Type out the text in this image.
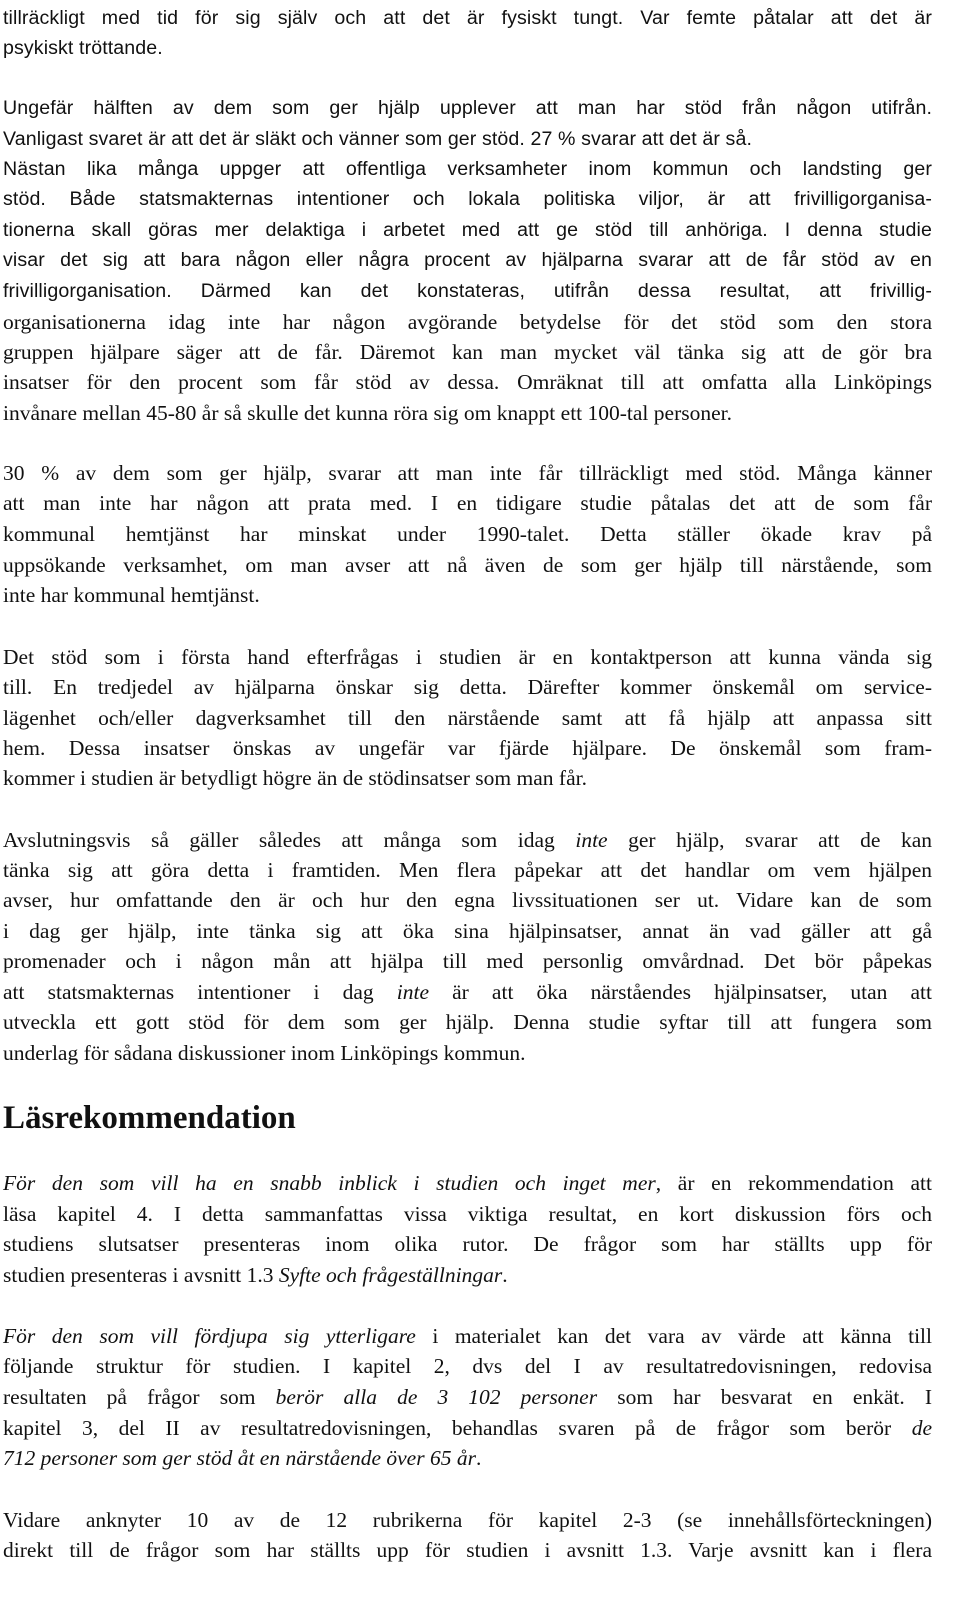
tillräckligt med tid för sig själv och att det är fysiskt tungt. Var femte påtalar att det är
psykiskt tröttande.
Ungefär hälften av dem som ger hjälp upplever att man har stöd från någon utifrån.
Vanligast svaret är att det är släkt och vänner som ger stöd. 27 % svarar att det är så.
Nästan lika många uppger att offentliga verksamheter inom kommun och landsting ger
stöd. Både statsmakternas intentioner och lokala politiska viljor, är att frivilligorganisa-
tionerna skall göras mer delaktiga i arbetet med att ge stöd till anhöriga. I denna studie
visar det sig att bara någon eller några procent av hjälparna svarar att de får stöd av en
frivilligorganisation. Därmed kan det konstateras, utifrån dessa resultat, att frivillig-
organisationerna idag inte har någon avgörande betydelse för det stöd som den stora
gruppen hjälpare säger att de får. Däremot kan man mycket väl tänka sig att de gör bra
insatser för den procent som får stöd av dessa. Omräknat till att omfatta alla Linköpings
invånare mellan 45-80 år så skulle det kunna röra sig om knappt ett 100-tal personer.
30 % av dem som ger hjälp, svarar att man inte får tillräckligt med stöd. Många känner
att man inte har någon att prata med. I en tidigare studie påtalas det att de som får
kommunal hemtjänst har minskat under 1990-talet. Detta ställer ökade krav på
uppsökande verksamhet, om man avser att nå även de som ger hjälp till närstående, som
inte har kommunal hemtjänst.
Det stöd som i första hand efterfrågas i studien är en kontaktperson att kunna vända sig
till. En tredjedel av hjälparna önskar sig detta. Därefter kommer önskemål om service-
lägenhet och/eller dagverksamhet till den närstående samt att få hjälp att anpassa sitt
hem. Dessa insatser önskas av ungefär var fjärde hjälpare. De önskemål som fram-
kommer i studien är betydligt högre än de stödinsatser som man får.
Avslutningsvis så gäller således att många som idag inte ger hjälp, svarar att de kan
tänka sig att göra detta i framtiden. Men flera påpekar att det handlar om vem hjälpen
avser, hur omfattande den är och hur den egna livssituationen ser ut. Vidare kan de som
i dag ger hjälp, inte tänka sig att öka sina hjälpinsatser, annat än vad gäller att gå
promenader och i någon mån att hjälpa till med personlig omvårdnad. Det bör påpekas
att statsmakternas intentioner i dag inte är att öka närståendes hjälpinsatser, utan att
utveckla ett gott stöd för dem som ger hjälp. Denna studie syftar till att fungera som
underlag för sådana diskussioner inom Linköpings kommun.
Läsrekommendation
För den som vill ha en snabb inblick i studien och inget mer, är en rekommendation att
läsa kapitel 4. I detta sammanfattas vissa viktiga resultat, en kort diskussion förs och
studiens slutsatser presenteras inom olika rutor. De frågor som har ställts upp för
studien presenteras i avsnitt 1.3 Syfte och frågeställningar.
För den som vill fördjupa sig ytterligare i materialet kan det vara av värde att känna till
följande struktur för studien. I kapitel 2, dvs del I av resultatredovisningen, redovisa
resultaten på frågor som berör alla de 3 102 personer som har besvarat en enkät. I
kapitel 3, del II av resultatredovisningen, behandlas svaren på de frågor som berör de
712 personer som ger stöd åt en närstående över 65 år.
Vidare anknyter 10 av de 12 rubrikerna för kapitel 2-3 (se innehållsförteckningen)
direkt till de frågor som har ställts upp för studien i avsnitt 1.3. Varje avsnitt kan i flera
